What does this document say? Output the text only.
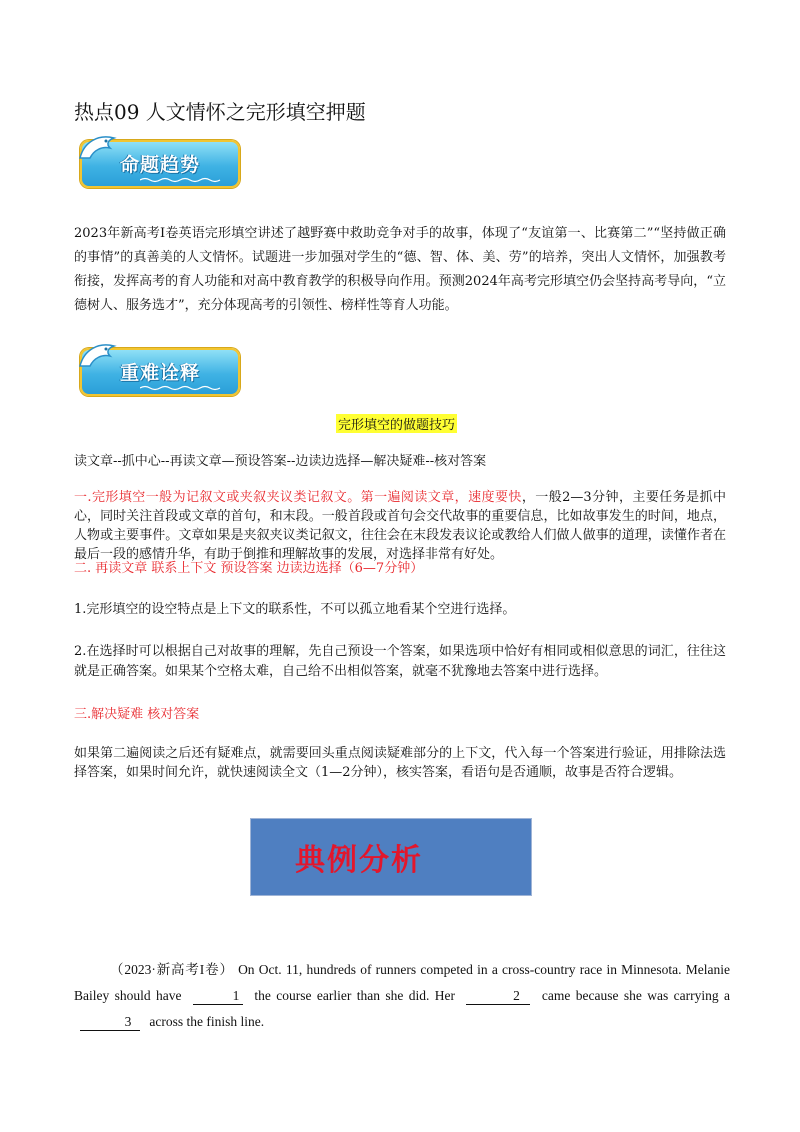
热点09 人文情怀之完形填空押题
命题趋势

2023年新高考I卷英语完形填空讲述了越野赛中救助竞争对手的故事，体现了“友谊第一、比赛第二”“坚持做正确的事情”的真善美的人文情怀。试题进一步加强对学生的“德、智、体、美、劳”的培养，突出人文情怀，加强教考衔接，发挥高考的育人功能和对高中教育教学的积极导向作用。预测2024年高考完形填空仍会坚持高考导向，“立德树人、服务选才”，充分体现高考的引领性、榜样性等育人功能。

重难诠释
完形填空的做题技巧
读文章--抓中心--再读文章—预设答案--边读边选择—解决疑难--核对答案

一.完形填空一般为记叙文或夹叙夹议类记叙文。第一遍阅读文章，速度要快，一般2—3分钟，主要任务是抓中心，同时关注首段或文章的首句，和末段。一般首段或首句会交代故事的重要信息，比如故事发生的时间，地点，人物或主要事件。文章如果是夹叙夹议类记叙文，往往会在末段发表议论或教给人们做人做事的道理，读懂作者在最后一段的感情升华，有助于倒推和理解故事的发展，对选择非常有好处。

二. 再读文章 联系上下文 预设答案 边读边选择（6—7分钟）

1.完形填空的设空特点是上下文的联系性，不可以孤立地看某个空进行选择。

2.在选择时可以根据自己对故事的理解，先自己预设一个答案，如果选项中恰好有相同或相似意思的词汇，往往这就是正确答案。如果某个空格太难，自己给不出相似答案，就毫不犹豫地去答案中进行选择。

三.解决疑难 核对答案

如果第二遍阅读之后还有疑难点，就需要回头重点阅读疑难部分的上下文，代入每一个答案进行验证，用排除法选择答案，如果时间允许，就快速阅读全文（1—2分钟），核实答案，看语句是否通顺，故事是否符合逻辑。

典例分析

（2023·新高考I卷） On Oct. 11, hundreds of runners competed in a cross-country race in Minnesota. Melanie Bailey should have	1 the course earlier than she did. Her	2 came because she was carrying a 3 across the finish line.
